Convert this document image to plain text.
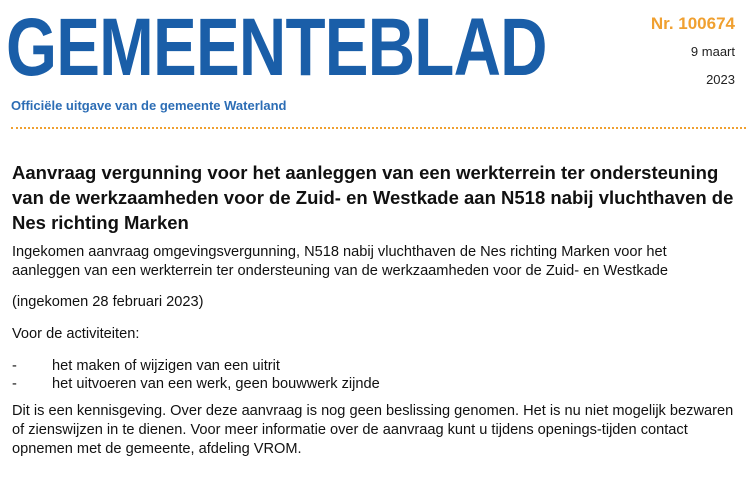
GEMEENTEBLAD
Officiële uitgave van de gemeente Waterland
Nr. 100674
9 maart
2023
Aanvraag vergunning voor het aanleggen van een werkterrein ter ondersteuning van de werkzaamheden voor de Zuid- en Westkade aan N518 nabij vluchthaven de Nes richting Marken

Ingekomen aanvraag omgevingsvergunning, N518 nabij vluchthaven de Nes richting Marken voor het aanleggen van een werkterrein ter ondersteuning van de werkzaamheden voor de Zuid- en Westkade

(ingekomen 28 februari 2023)

Voor de activiteiten:

- het maken of wijzigen van een uitrit
- het uitvoeren van een werk, geen bouwwerk zijnde

Dit is een kennisgeving. Over deze aanvraag is nog geen beslissing genomen. Het is nu niet mogelijk bezwaren of zienswijzen in te dienen. Voor meer informatie over de aanvraag kunt u tijdens openings-tijden contact opnemen met de gemeente, afdeling VROM.
